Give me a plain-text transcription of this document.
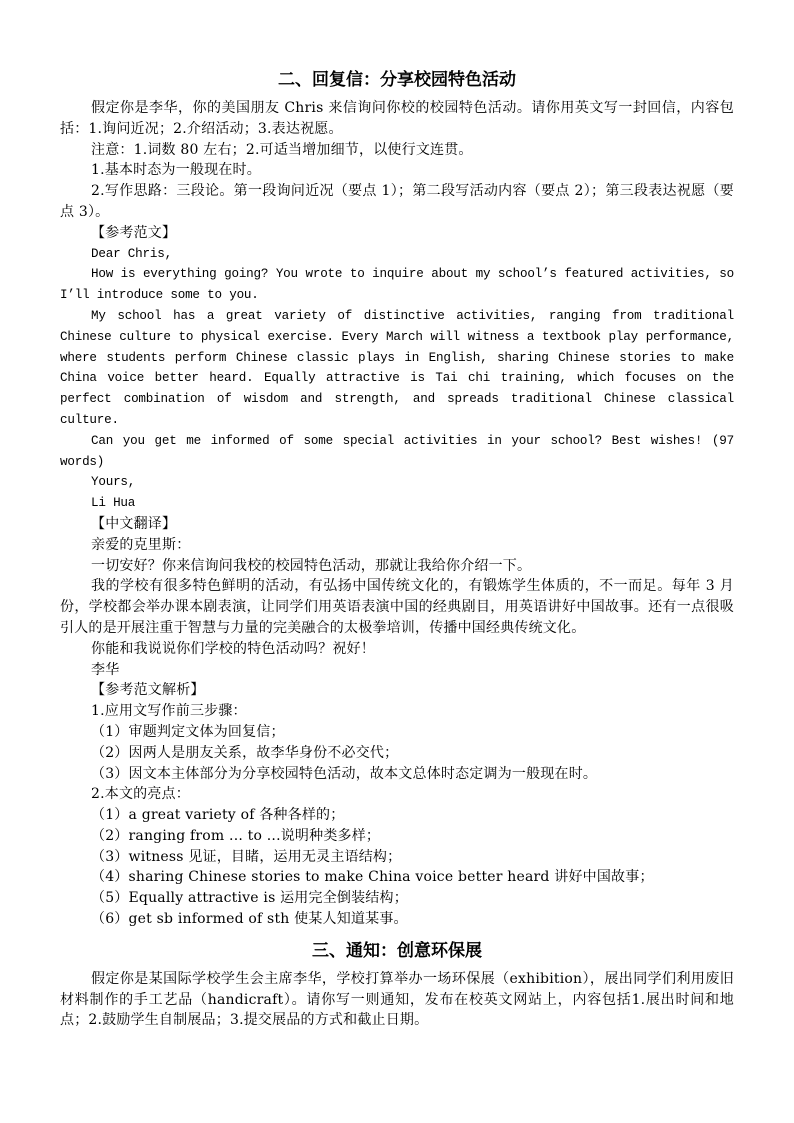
二、回复信：分享校园特色活动

假定你是李华，你的美国朋友 Chris 来信询问你校的校园特色活动。请你用英文写一封回信，内容包括：1.询问近况；2.介绍活动；3.表达祝愿。

注意：1.词数 80 左右；2.可适当增加细节，以使行文连贯。

1.基本时态为一般现在时。

2.写作思路：三段论。第一段询问近况（要点 1）；第二段写活动内容（要点 2）；第三段表达祝愿（要点 3）。

【参考范文】

Dear Chris,

How is everything going? You wrote to inquire about my school’s featured activities, so I’ll introduce some to you.

My school has a great variety of distinctive activities, ranging from traditional Chinese culture to physical exercise. Every March will witness a textbook play performance, where students perform Chinese classic plays in English, sharing Chinese stories to make China voice better heard. Equally attractive is Tai chi training, which focuses on the perfect combination of wisdom and strength, and spreads traditional Chinese classical culture.

Can you get me informed of some special activities in your school? Best wishes! (97 words)

Yours,

Li Hua

【中文翻译】

亲爱的克里斯：

一切安好？你来信询问我校的校园特色活动，那就让我给你介绍一下。

我的学校有很多特色鲜明的活动，有弘扬中国传统文化的，有锻炼学生体质的，不一而足。每年 3 月份，学校都会举办课本剧表演，让同学们用英语表演中国的经典剧目，用英语讲好中国故事。还有一点很吸引人的是开展注重于智慧与力量的完美融合的太极拳培训，传播中国经典传统文化。

你能和我说说你们学校的特色活动吗？祝好！

李华

【参考范文解析】

1.应用文写作前三步骤：

（1）审题判定文体为回复信；

（2）因两人是朋友关系，故李华身份不必交代；

（3）因文本主体部分为分享校园特色活动，故本文总体时态定调为一般现在时。

2.本文的亮点：

（1）a great variety of 各种各样的；

（2）ranging from ... to ...说明种类多样；

（3）witness 见证，目睹，运用无灵主语结构；

（4）sharing Chinese stories to make China voice better heard 讲好中国故事；

（5）Equally attractive is 运用完全倒装结构；

（6）get sb informed of sth 使某人知道某事。

三、通知：创意环保展

假定你是某国际学校学生会主席李华，学校打算举办一场环保展（exhibition），展出同学们利用废旧材料制作的手工艺品（handicraft）。请你写一则通知，发布在校英文网站上，内容包括1.展出时间和地点；2.鼓励学生自制展品；3.提交展品的方式和截止日期。
